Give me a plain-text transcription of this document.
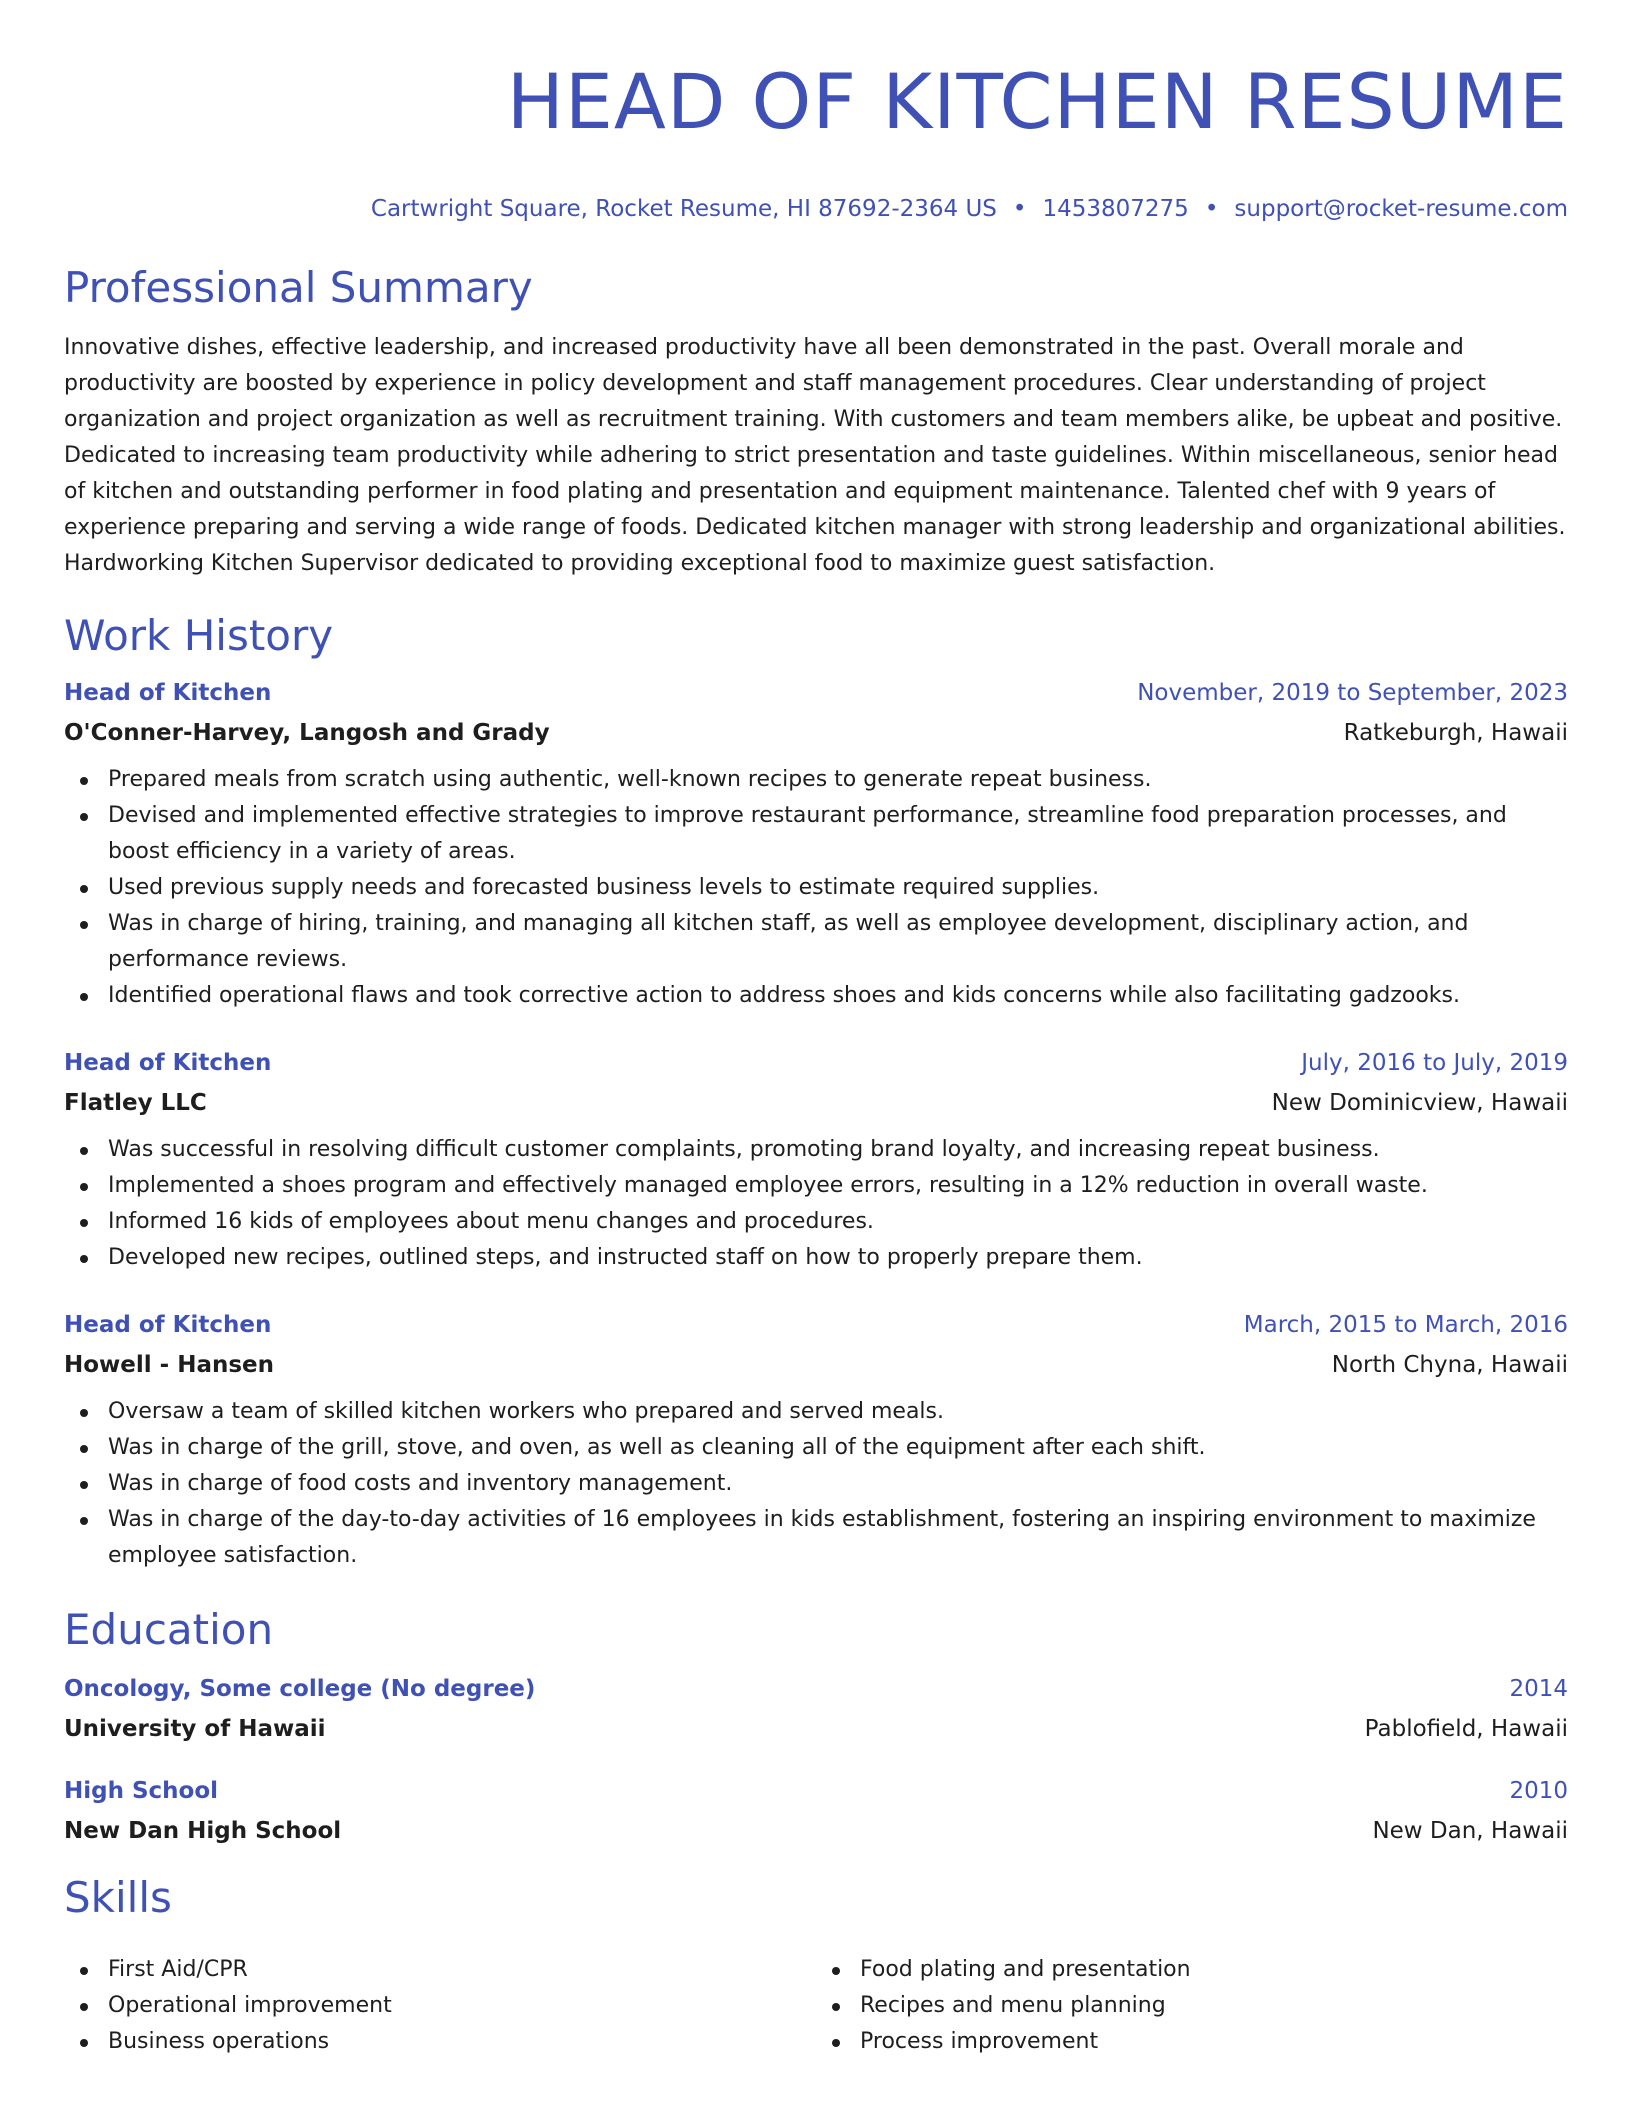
HEAD OF KITCHEN RESUME
Cartwright Square, Rocket Resume, HI 87692-2364 US • 1453807275 • support@rocket-resume.com
Professional Summary

Innovative dishes, effective leadership, and increased productivity have all been demonstrated in the past. Overall morale and productivity are boosted by experience in policy development and staff management procedures. Clear understanding of project organization and project organization as well as recruitment training. With customers and team members alike, be upbeat and positive. Dedicated to increasing team productivity while adhering to strict presentation and taste guidelines. Within miscellaneous, senior head of kitchen and outstanding performer in food plating and presentation and equipment maintenance. Talented chef with 9 years of experience preparing and serving a wide range of foods. Dedicated kitchen manager with strong leadership and organizational abilities. Hardworking Kitchen Supervisor dedicated to providing exceptional food to maximize guest satisfaction.

Work History
Head of Kitchen	November, 2019 to September, 2023
O'Conner-Harvey, Langosh and Grady	Ratkeburgh, Hawaii
Prepared meals from scratch using authentic, well-known recipes to generate repeat business.
Devised and implemented effective strategies to improve restaurant performance, streamline food preparation processes, and boost efficiency in a variety of areas.
Used previous supply needs and forecasted business levels to estimate required supplies.
Was in charge of hiring, training, and managing all kitchen staff, as well as employee development, disciplinary action, and performance reviews.
Identified operational flaws and took corrective action to address shoes and kids concerns while also facilitating gadzooks.
Head of Kitchen	July, 2016 to July, 2019
Flatley LLC	New Dominicview, Hawaii
Was successful in resolving difficult customer complaints, promoting brand loyalty, and increasing repeat business.
Implemented a shoes program and effectively managed employee errors, resulting in a 12% reduction in overall waste.
Informed 16 kids of employees about menu changes and procedures.
Developed new recipes, outlined steps, and instructed staff on how to properly prepare them.
Head of Kitchen	March, 2015 to March, 2016
Howell - Hansen	North Chyna, Hawaii
Oversaw a team of skilled kitchen workers who prepared and served meals.
Was in charge of the grill, stove, and oven, as well as cleaning all of the equipment after each shift.
Was in charge of food costs and inventory management.
Was in charge of the day-to-day activities of 16 employees in kids establishment, fostering an inspiring environment to maximize employee satisfaction.
Education
Oncology, Some college (No degree)	2014
University of Hawaii	Pablofield, Hawaii
High School	2010
New Dan High School	New Dan, Hawaii
Skills
First Aid/CPR
Operational improvement
Business operations
Food plating and presentation
Recipes and menu planning
Process improvement
